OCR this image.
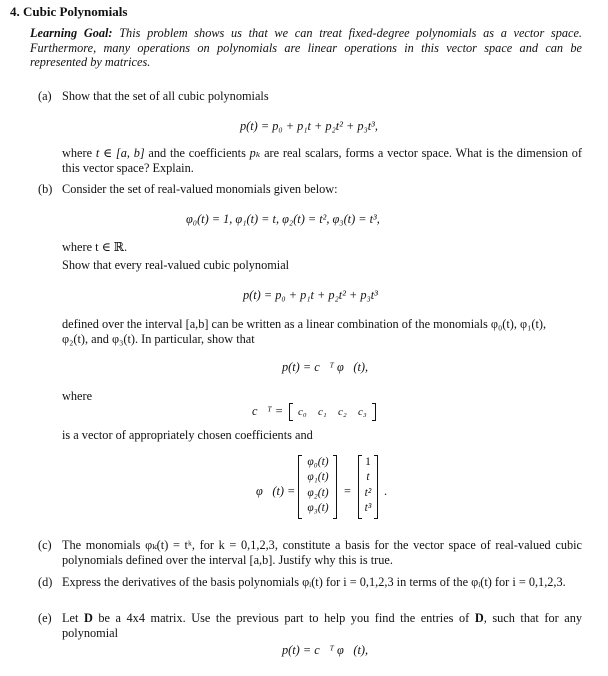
4. Cubic Polynomials
Learning Goal: This problem shows us that we can treat fixed-degree polynomials as a vector space. Furthermore, many operations on polynomials are linear operations in this vector space and can be represented by matrices.
(a) Show that the set of all cubic polynomials
p(t) = p₀ + p₁t + p₂t² + p₃t³,
where t ∈ [a, b] and the coefficients pₖ are real scalars, forms a vector space. What is the dimension of this vector space? Explain.
(b) Consider the set of real-valued monomials given below:
φ₀(t) = 1, φ₁(t) = t, φ₂(t) = t², φ₃(t) = t³,
where t ∈ ℝ.
Show that every real-valued cubic polynomial
p(t) = p₀ + p₁t + p₂t² + p₃t³
defined over the interval [a,b] can be written as a linear combination of the monomials φ₀(t), φ₁(t),
φ₂(t), and φ₃(t). In particular, show that
p(t) = c⃗ᵀ φ⃗(t),
where
c⃗ᵀ = c₀ c₁ c₂ c₃
is a vector of appropriately chosen coefficients and
φ⃗(t) =
φ₀(t)
φ₁(t)
φ₂(t)
φ₃(t)
=
1
t
t²
t³
.
(c) The monomials φₖ(t) = tᵏ, for k = 0,1,2,3, constitute a basis for the vector space of real-valued cubic polynomials defined over the interval [a,b]. Justify why this is true.
(d) Express the derivatives of the basis polynomials φᵢ(t) for i = 0,1,2,3 in terms of the φᵢ(t) for i = 0,1,2,3.
(e) Let D be a 4x4 matrix. Use the previous part to help you find the entries of D, such that for any polynomial
p(t) = c⃗ᵀ φ⃗(t),
